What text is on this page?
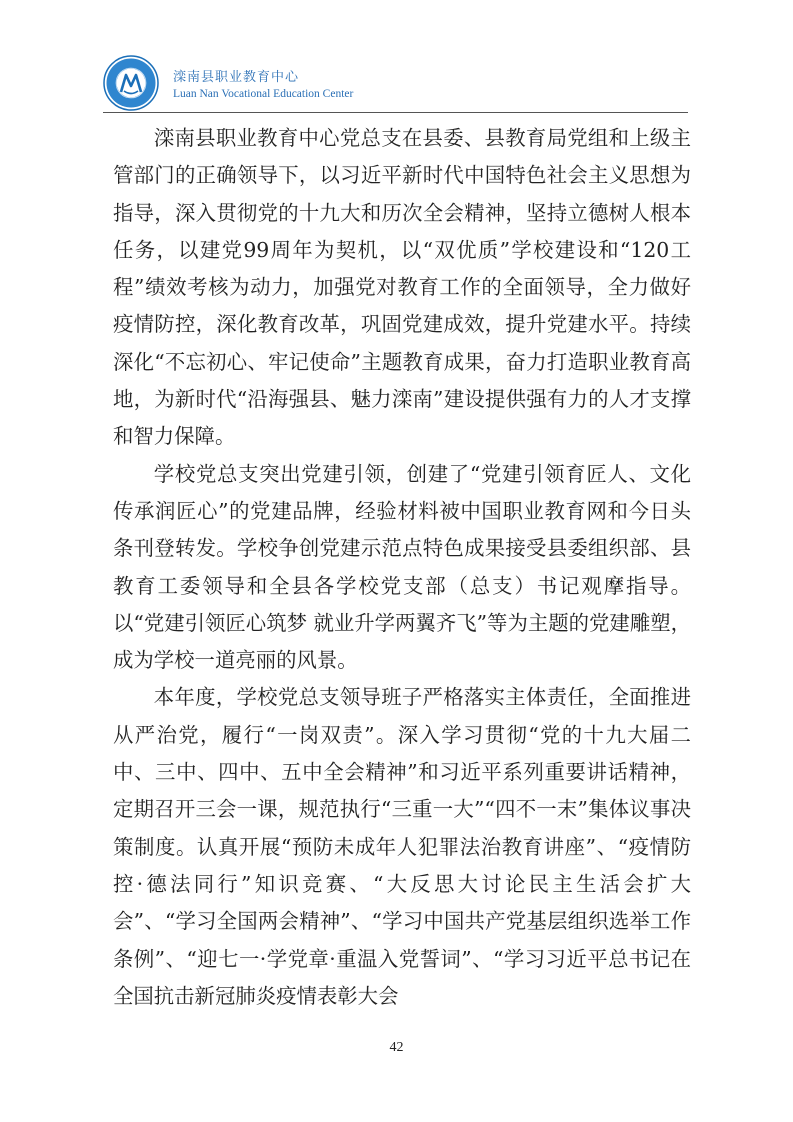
滦南县职业教育中心
Luan Nan Vocational Education Center

滦南县职业教育中心党总支在县委、县教育局党组和上级主管部门的正确领导下，以习近平新时代中国特色社会主义思想为指导，深入贯彻党的十九大和历次全会精神，坚持立德树人根本任务，以建党99周年为契机，以“双优质”学校建设和“120工程”绩效考核为动力，加强党对教育工作的全面领导，全力做好疫情防控，深化教育改革，巩固党建成效，提升党建水平。持续深化“不忘初心、牢记使命”主题教育成果，奋力打造职业教育高地，为新时代“沿海强县、魅力滦南”建设提供强有力的人才支撑和智力保障。

学校党总支突出党建引领，创建了“党建引领育匠人、文化传承润匠心”的党建品牌，经验材料被中国职业教育网和今日头条刊登转发。学校争创党建示范点特色成果接受县委组织部、县教育工委领导和全县各学校党支部（总支）书记观摩指导。以“党建引领匠心筑梦 就业升学两翼齐飞”等为主题的党建雕塑，成为学校一道亮丽的风景。

本年度，学校党总支领导班子严格落实主体责任，全面推进从严治党，履行“一岗双责”。深入学习贯彻“党的十九大届二中、三中、四中、五中全会精神”和习近平系列重要讲话精神，定期召开三会一课，规范执行“三重一大”“四不一末”集体议事决策制度。认真开展“预防未成年人犯罪法治教育讲座”、“疫情防控·德法同行”知识竞赛、“大反思大讨论民主生活会扩大会”、“学习全国两会精神”、“学习中国共产党基层组织选举工作条例”、“迎七一·学党章·重温入党誓词”、“学习习近平总书记在全国抗击新冠肺炎疫情表彰大会

42
